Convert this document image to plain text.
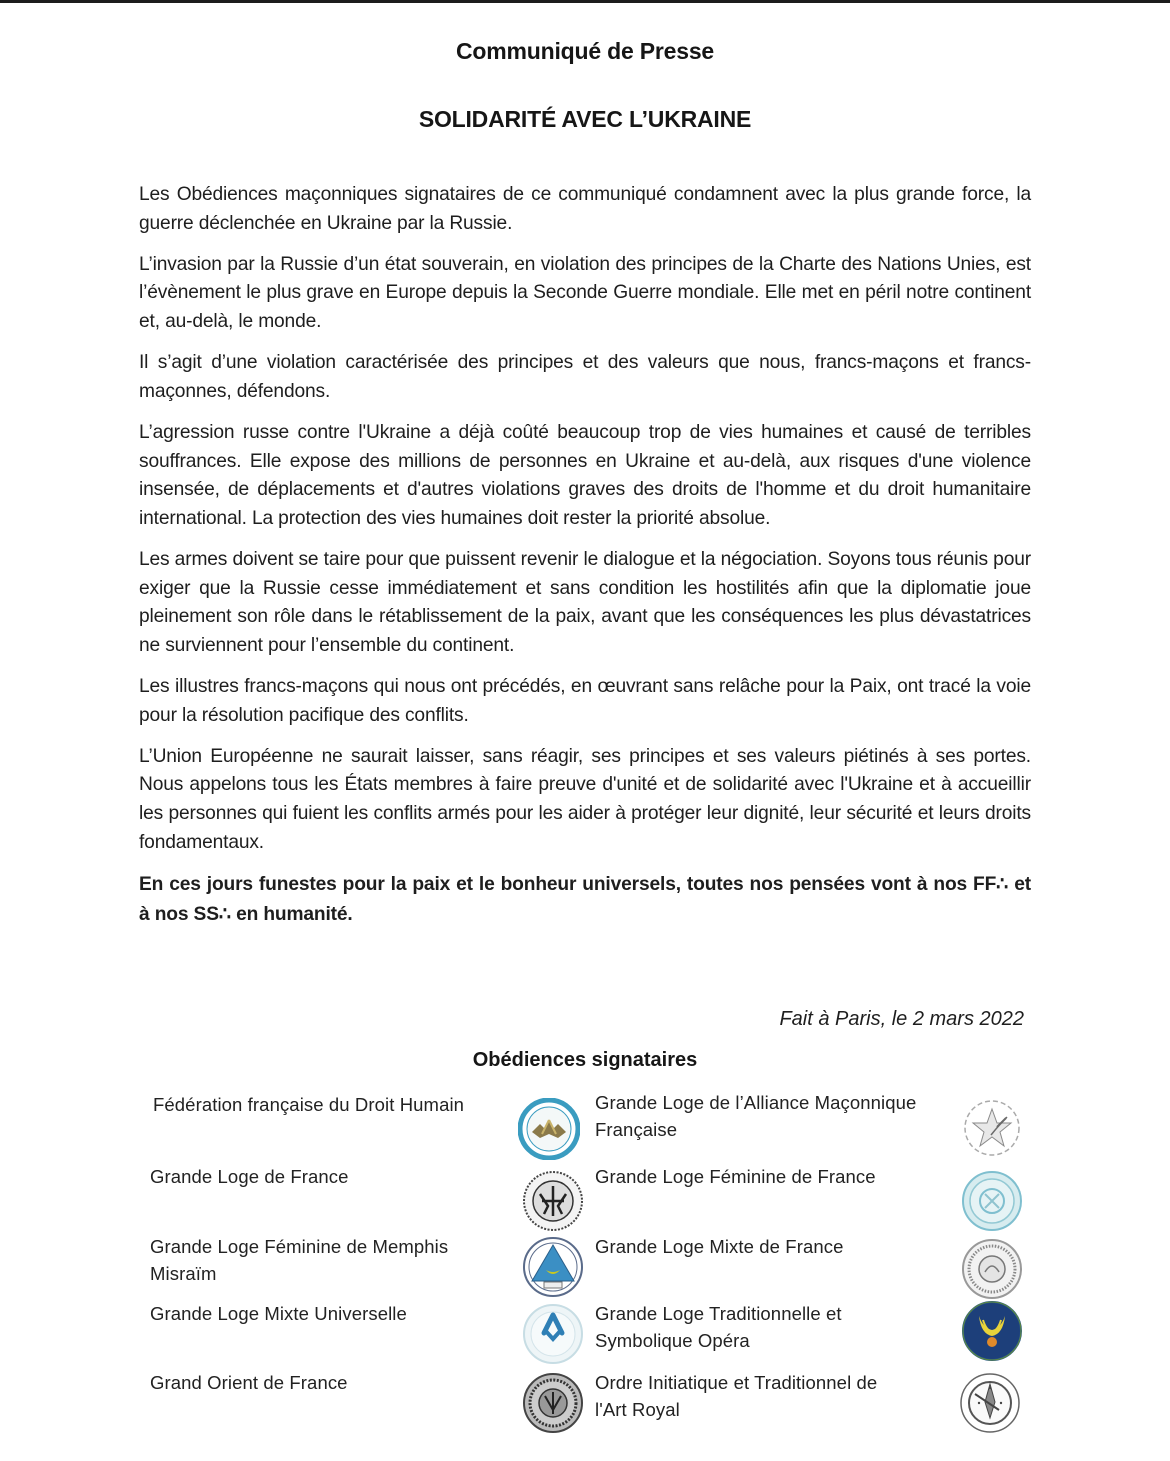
Communiqué de Presse
SOLIDARITÉ AVEC L’UKRAINE

Les Obédiences maçonniques signataires de ce communiqué condamnent avec la plus grande force, la guerre déclenchée en Ukraine par la Russie.

L’invasion par la Russie d’un état souverain, en violation des principes de la Charte des Nations Unies, est l’évènement le plus grave en Europe depuis la Seconde Guerre mondiale. Elle met en péril notre continent et, au-delà, le monde.

Il s’agit d’une violation caractérisée des principes et des valeurs que nous, francs-maçons et francs-maçonnes, défendons.

L’agression russe contre l'Ukraine a déjà coûté beaucoup trop de vies humaines et causé de terribles souffrances. Elle expose des millions de personnes en Ukraine et au-delà, aux risques d'une violence insensée, de déplacements et d'autres violations graves des droits de l'homme et du droit humanitaire international. La protection des vies humaines doit rester la priorité absolue.

Les armes doivent se taire pour que puissent revenir le dialogue et la négociation. Soyons tous réunis pour exiger que la Russie cesse immédiatement et sans condition les hostilités afin que la diplomatie joue pleinement son rôle dans le rétablissement de la paix, avant que les conséquences les plus dévastatrices ne surviennent pour l’ensemble du continent.

Les illustres francs-maçons qui nous ont précédés, en œuvrant sans relâche pour la Paix, ont tracé la voie pour la résolution pacifique des conflits.

L’Union Européenne ne saurait laisser, sans réagir, ses principes et ses valeurs piétinés à ses portes. Nous appelons tous les États membres à faire preuve d'unité et de solidarité avec l'Ukraine et à accueillir les personnes qui fuient les conflits armés pour les aider à protéger leur dignité, leur sécurité et leurs droits fondamentaux.

En ces jours funestes pour la paix et le bonheur universels, toutes nos pensées vont à nos FF∴ et à nos SS∴ en humanité.

Fait à Paris, le 2 mars 2022
Obédiences signataires
Fédération française du Droit Humain
Grande Loge de France
Grande Loge Féminine de Memphis Misraïm
Grande Loge Mixte Universelle
Grand Orient de France
Grande Loge de l’Alliance Maçonnique Française
Grande Loge Féminine de France
Grande Loge Mixte de France
Grande Loge Traditionnelle et Symbolique Opéra
Ordre Initiatique et Traditionnel de l'Art Royal
